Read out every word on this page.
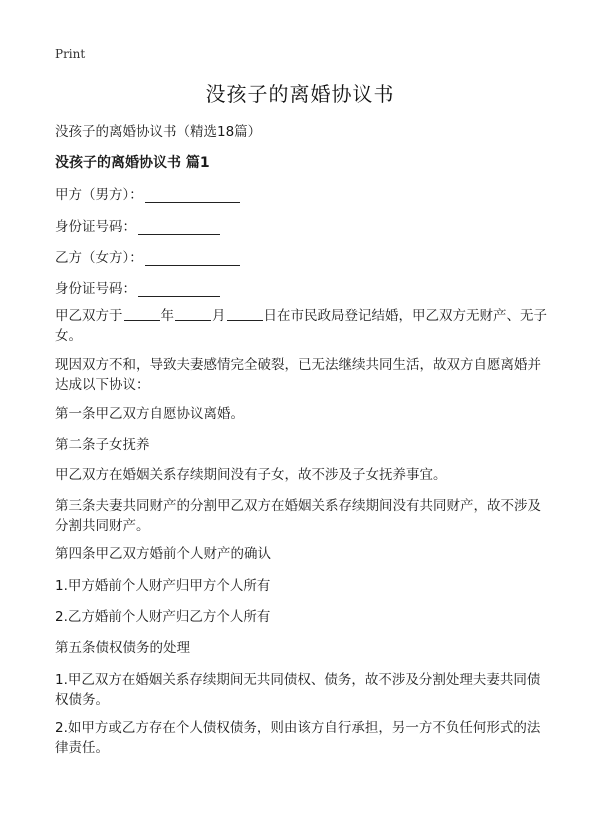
Print
没孩子的离婚协议书
没孩子的离婚协议书（精选18篇）
没孩子的离婚协议书 篇1
甲方（男方）：
身份证号码：
乙方（女方）：
身份证号码：
甲乙双方于	年	月	日在市民政局登记结婚，甲乙双方无财产、无子女。
现因双方不和，导致夫妻感情完全破裂，已无法继续共同生活，故双方自愿离婚并达成以下协议：
第一条甲乙双方自愿协议离婚。
第二条子女抚养
甲乙双方在婚姻关系存续期间没有子女，故不涉及子女抚养事宜。
第三条夫妻共同财产的分割甲乙双方在婚姻关系存续期间没有共同财产，故不涉及分割共同财产。
第四条甲乙双方婚前个人财产的确认
1.甲方婚前个人财产归甲方个人所有
2.乙方婚前个人财产归乙方个人所有
第五条债权债务的处理
1.甲乙双方在婚姻关系存续期间无共同债权、债务，故不涉及分割处理夫妻共同债权债务。
2.如甲方或乙方存在个人债权债务，则由该方自行承担，另一方不负任何形式的法律责任。
